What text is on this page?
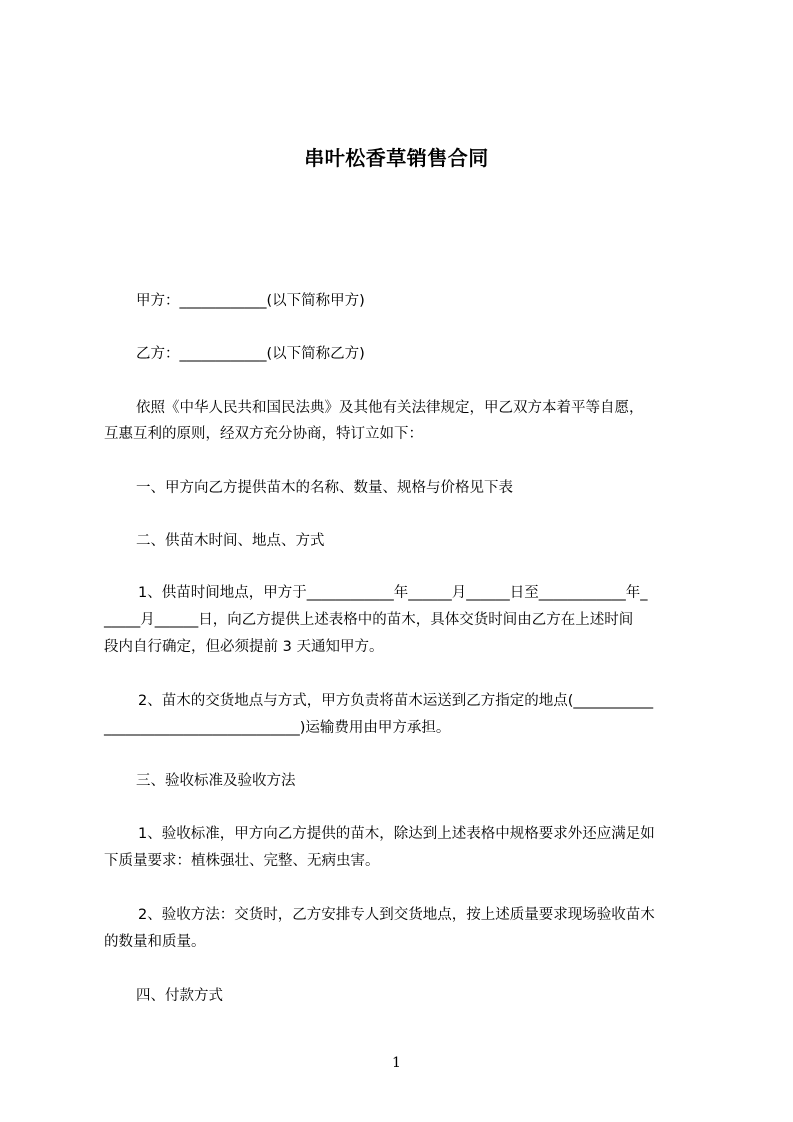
串叶松香草销售合同
甲方：____________(以下简称甲方)
乙方：____________(以下简称乙方)
依照《中华人民共和国民法典》及其他有关法律规定，甲乙双方本着平等自愿，
互惠互利的原则，经双方充分协商，特订立如下：
一、甲方向乙方提供苗木的名称、数量、规格与价格见下表
二、供苗木时间、地点、方式
1、供苗时间地点，甲方于____________年______月______日至____________年_
_____月______日，向乙方提供上述表格中的苗木，具体交货时间由乙方在上述时间
段内自行确定，但必须提前 3 天通知甲方。
2、苗木的交货地点与方式，甲方负责将苗木运送到乙方指定的地点(___________
___________________________)运输费用由甲方承担。
三、验收标准及验收方法
1、验收标准，甲方向乙方提供的苗木，除达到上述表格中规格要求外还应满足如
下质量要求：植株强壮、完整、无病虫害。
2、验收方法：交货时，乙方安排专人到交货地点，按上述质量要求现场验收苗木
的数量和质量。
四、付款方式
1
